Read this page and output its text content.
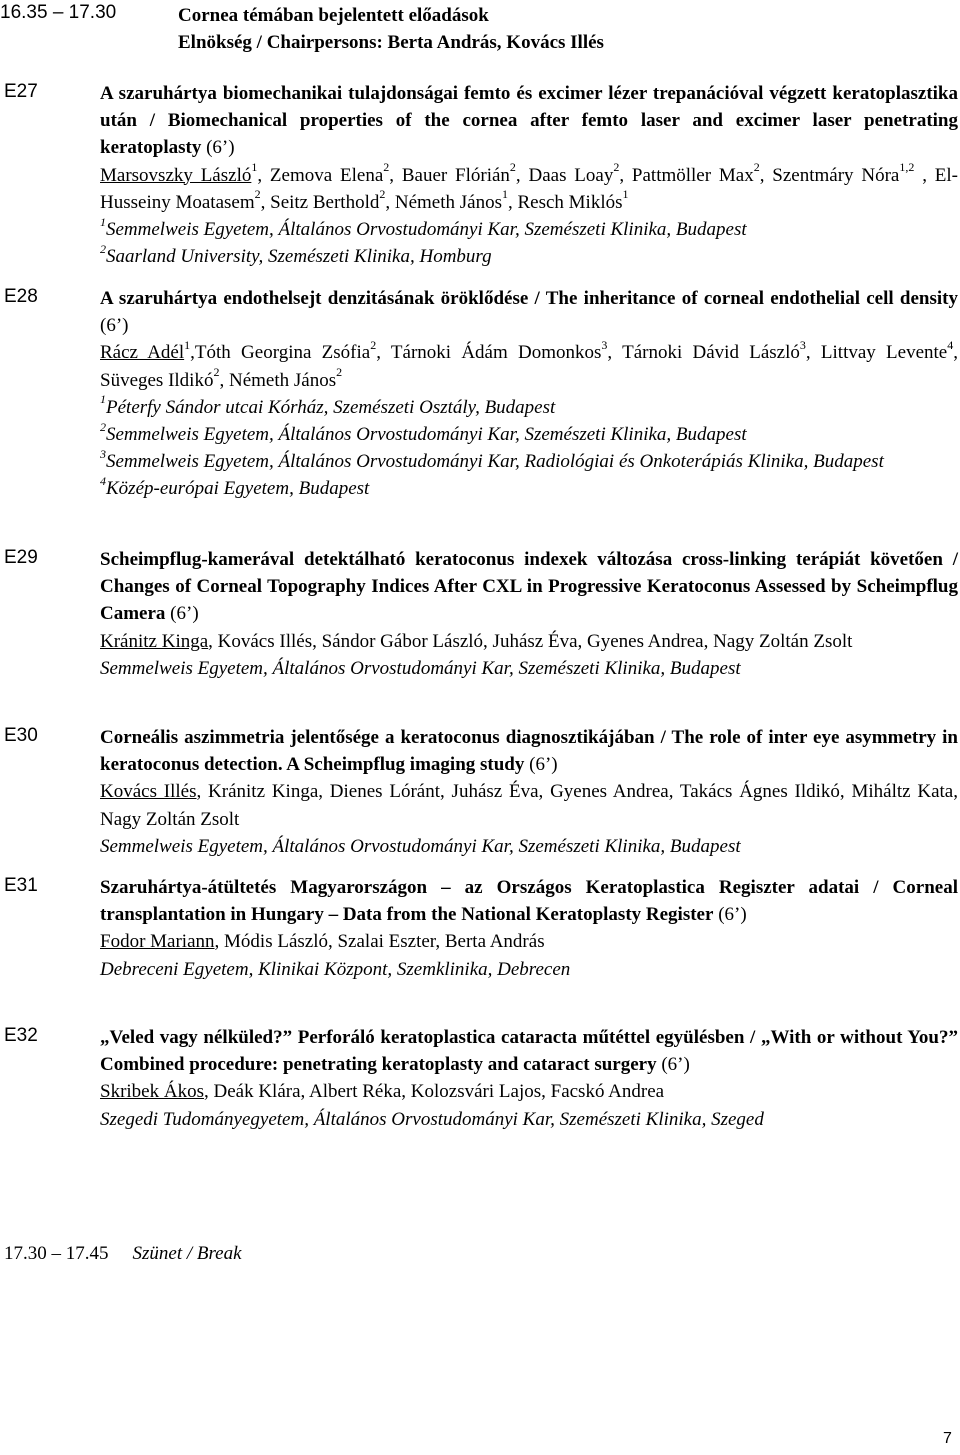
16.35 – 17.30	Cornea témában bejelentett előadások
Elnökség / Chairpersons: Berta András, Kovács Illés
E27	A szaruhártya biomechanikai tulajdonságai femto és excimer lézer trepanációval végzett keratoplasztika után / Biomechanical properties of the cornea after femto laser and excimer laser penetrating keratoplasty (6’)
Marsovszky László$^1$, Zemova Elena$^2$, Bauer Flórián$^2$, Daas Loay$^2$, Pattmöller Max$^2$, Szentmáry Nóra$^{1,2}$ , El-Husseiny Moatasem$^2$, Seitz Berthold$^2$, Németh János$^1$, Resch Miklós$^1$
$^1$Semmelweis Egyetem, Általános Orvostudományi Kar, Szemészeti Klinika, Budapest
$^2$Saarland University, Szemészeti Klinika, Homburg
E28	A szaruhártya endothelsejt denzitásának öröklődése / The inheritance of corneal endothelial cell density (6’)
Rácz Adél$^1$,Tóth Georgina Zsófia$^2$, Tárnoki Ádám Domonkos$^3$, Tárnoki Dávid László$^3$, Littvay Levente$^4$, Süveges Ildikó$^2$, Németh János$^2$
$^1$Péterfy Sándor utcai Kórház, Szemészeti Osztály, Budapest
$^2$Semmelweis Egyetem, Általános Orvostudományi Kar, Szemészeti Klinika, Budapest
$^3$Semmelweis Egyetem, Általános Orvostudományi Kar, Radiológiai és Onkoterápiás Klinika, Budapest
$^4$Közép-európai Egyetem, Budapest
E29	Scheimpflug-kamerával detektálható keratoconus indexek változása cross-linking terápiát követően / Changes of Corneal Topography Indices After CXL in Progressive Keratoconus Assessed by Scheimpflug Camera (6’)
Kránitz Kinga, Kovács Illés, Sándor Gábor László, Juhász Éva, Gyenes Andrea, Nagy Zoltán Zsolt
Semmelweis Egyetem, Általános Orvostudományi Kar, Szemészeti Klinika, Budapest
E30	Corneális aszimmetria jelentősége a keratoconus diagnosztikájában / The role of inter eye asymmetry in keratoconus detection. A Scheimpflug imaging study (6’)
Kovács Illés, Kránitz Kinga, Dienes Lóránt, Juhász Éva, Gyenes Andrea, Takács Ágnes Ildikó, Miháltz Kata, Nagy Zoltán Zsolt
Semmelweis Egyetem, Általános Orvostudományi Kar, Szemészeti Klinika, Budapest
E31	Szaruhártya-átültetés Magyarországon – az Országos Keratoplastica Regiszter adatai / Corneal transplantation in Hungary – Data from the National Keratoplasty Register (6’)
Fodor Mariann, Módis László, Szalai Eszter, Berta András
Debreceni Egyetem, Klinikai Központ, Szemklinika, Debrecen
E32	„Veled vagy nélküled?” Perforáló keratoplastica cataracta műtéttel együlésben / „With or without You?” Combined procedure: penetrating keratoplasty and cataract surgery (6’)
Skribek Ákos, Deák Klára, Albert Réka, Kolozsvári Lajos, Facskó Andrea
Szegedi Tudományegyetem, Általános Orvostudományi Kar, Szemészeti Klinika, Szeged
17.30 – 17.45 Szünet / Break
7
